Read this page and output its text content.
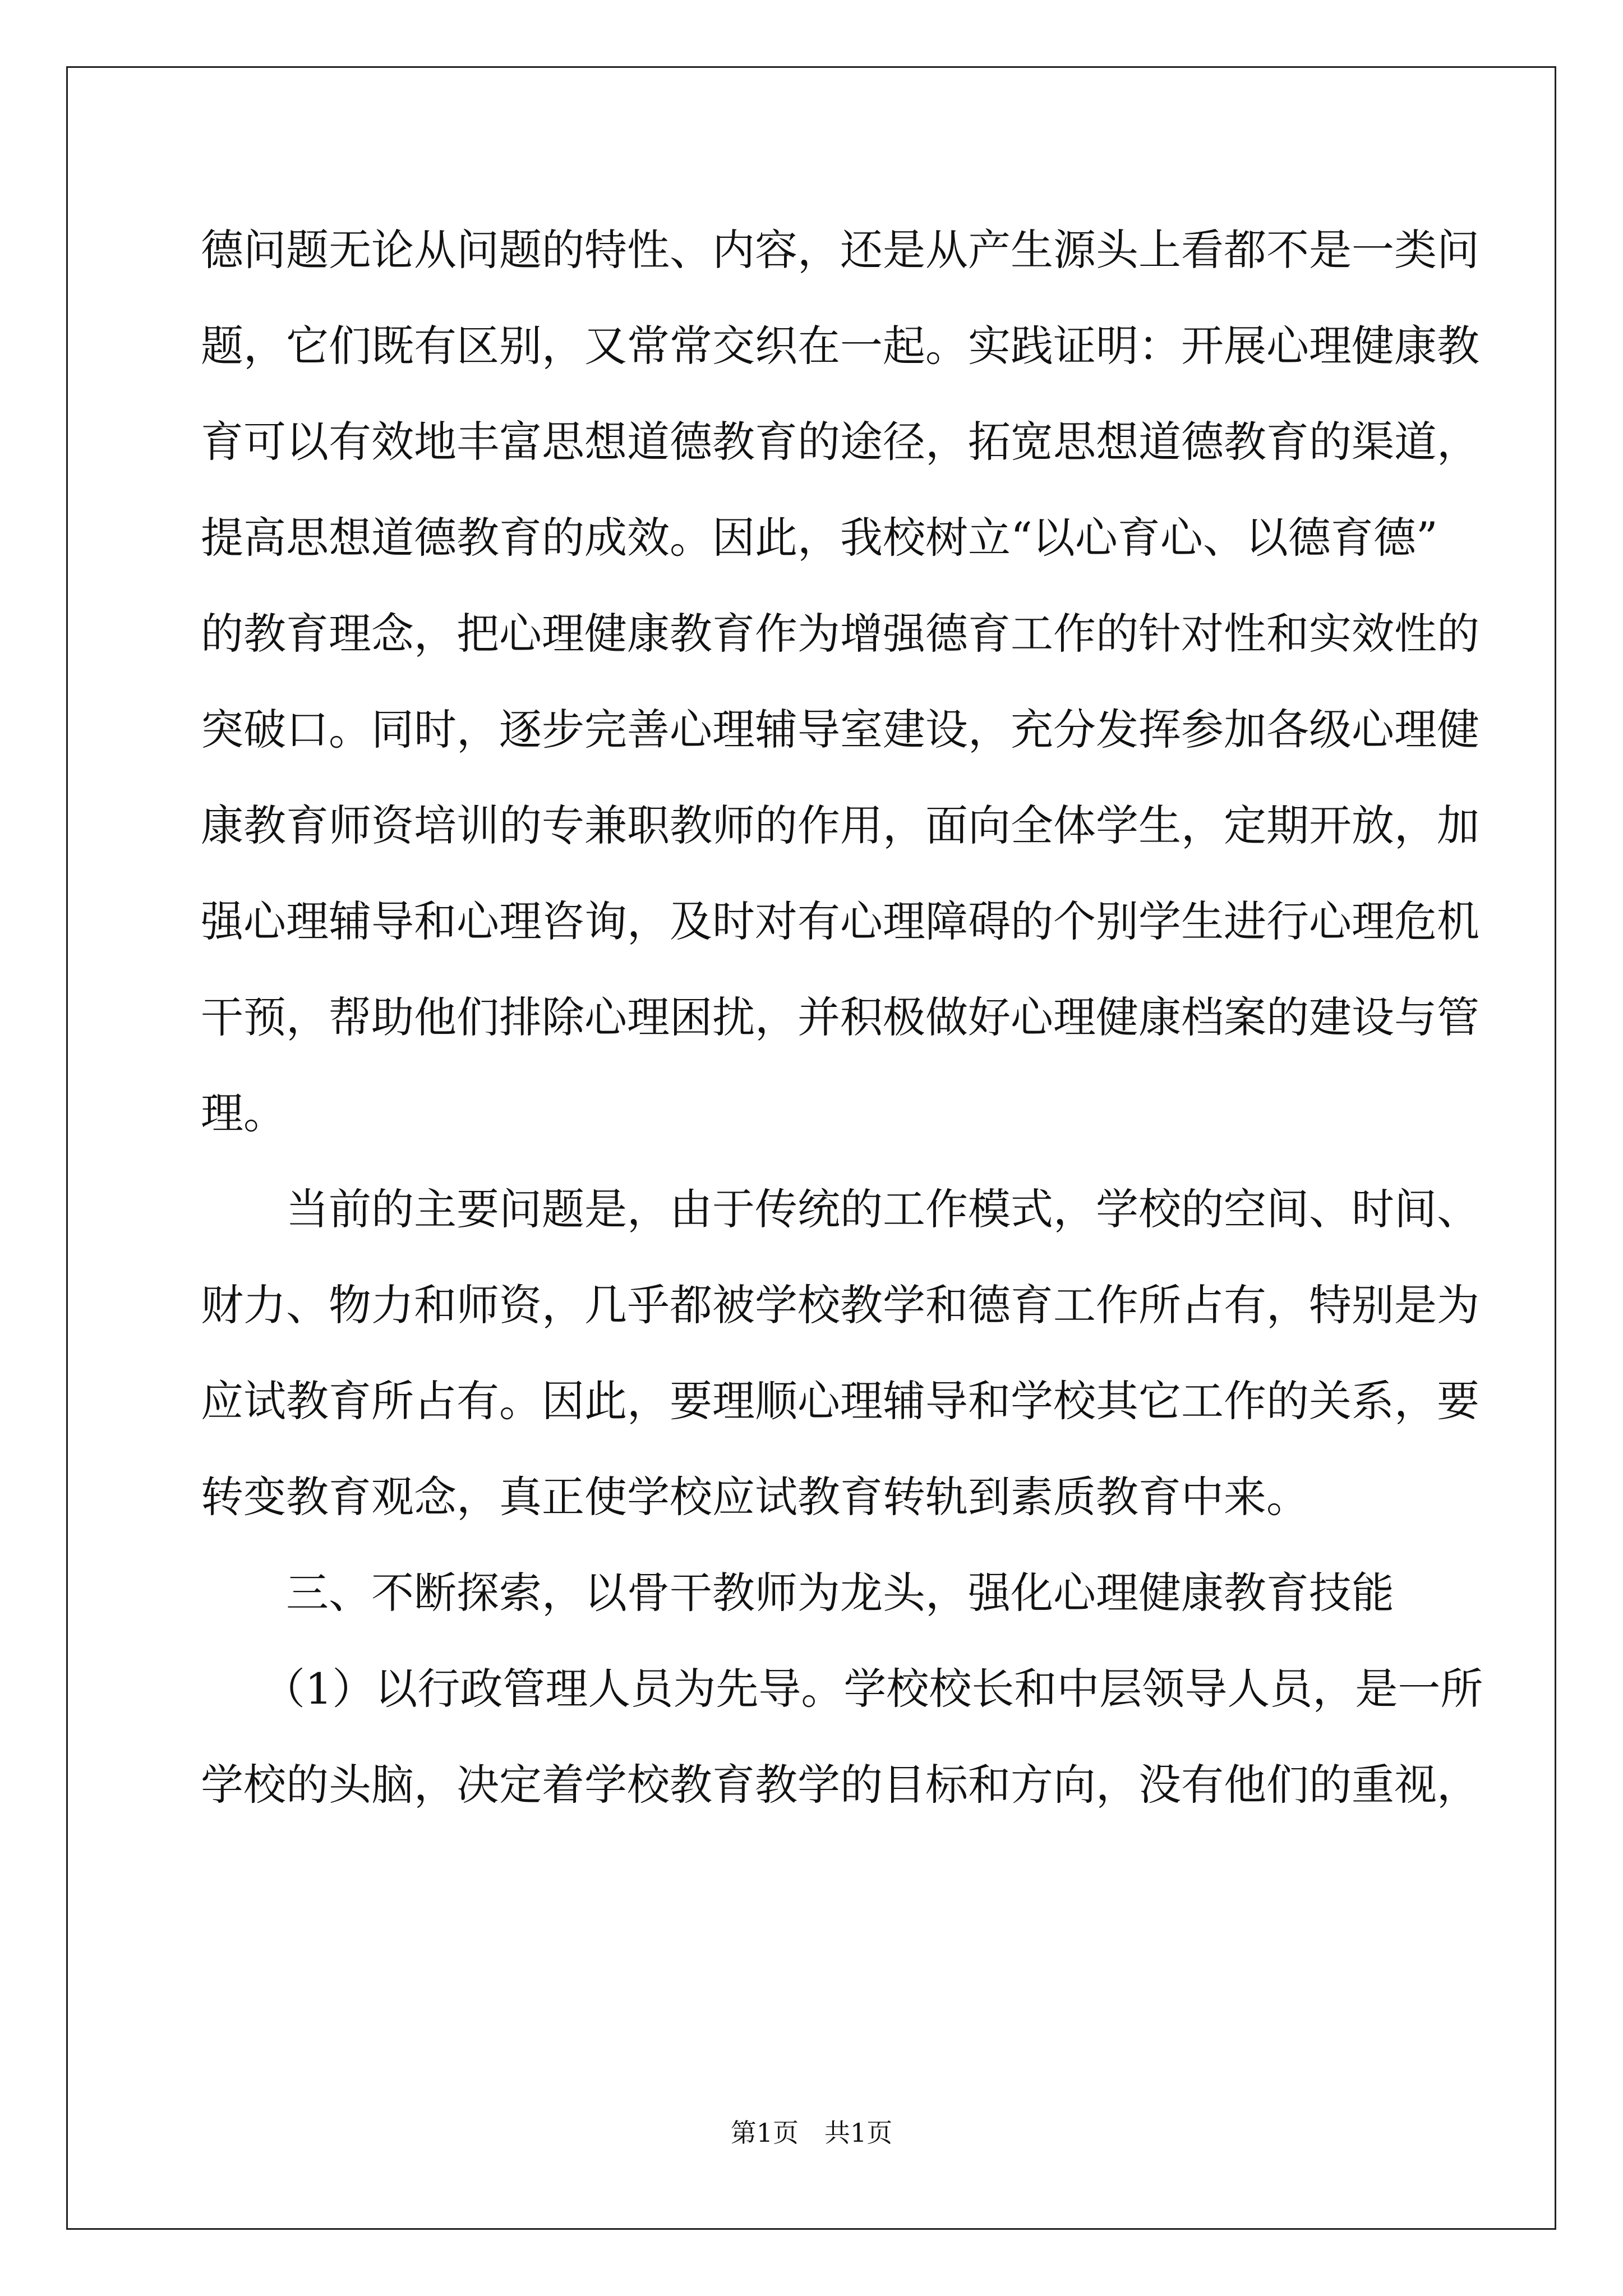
德问题无论从问题的特性、内容，还是从产生源头上看都不是一类问
题，它们既有区别，又常常交织在一起。实践证明：开展心理健康教
育可以有效地丰富思想道德教育的途径，拓宽思想道德教育的渠道，
提高思想道德教育的成效。因此，我校树立“以心育心、以德育德”
的教育理念，把心理健康教育作为增强德育工作的针对性和实效性的
突破口。同时，逐步完善心理辅导室建设，充分发挥参加各级心理健
康教育师资培训的专兼职教师的作用，面向全体学生，定期开放，加
强心理辅导和心理咨询，及时对有心理障碍的个别学生进行心理危机
干预，帮助他们排除心理困扰，并积极做好心理健康档案的建设与管
理。
当前的主要问题是，由于传统的工作模式，学校的空间、时间、
财力、物力和师资，几乎都被学校教学和德育工作所占有，特别是为
应试教育所占有。因此，要理顺心理辅导和学校其它工作的关系，要
转变教育观念，真正使学校应试教育转轨到素质教育中来。
三、不断探索，以骨干教师为龙头，强化心理健康教育技能
（1）以行政管理人员为先导。学校校长和中层领导人员，是一所
学校的头脑，决定着学校教育教学的目标和方向，没有他们的重视，
第1页 共1页
